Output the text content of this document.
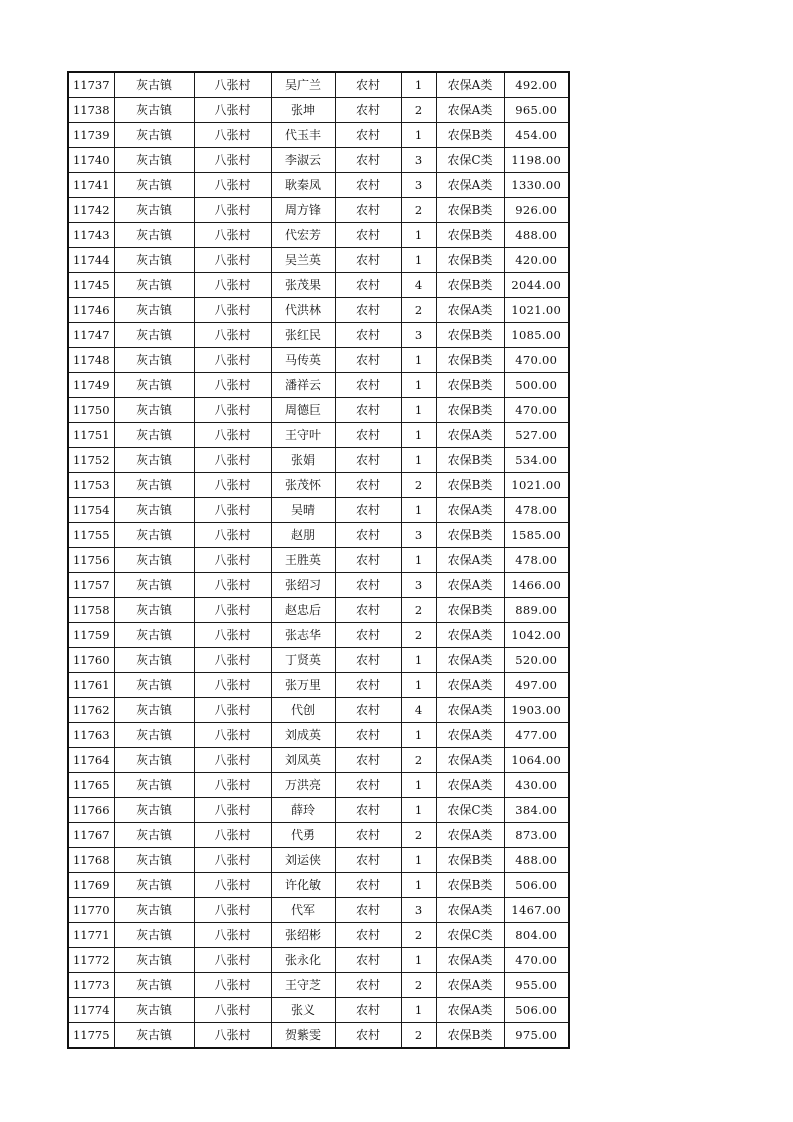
11737	灰古镇	八张村	吴广兰	农村	1	农保A类	492.00
11738	灰古镇	八张村	张坤	农村	2	农保A类	965.00
11739	灰古镇	八张村	代玉丰	农村	1	农保B类	454.00
11740	灰古镇	八张村	李淑云	农村	3	农保C类	1198.00
11741	灰古镇	八张村	耿秦凤	农村	3	农保A类	1330.00
11742	灰古镇	八张村	周方锋	农村	2	农保B类	926.00
11743	灰古镇	八张村	代宏芳	农村	1	农保B类	488.00
11744	灰古镇	八张村	吴兰英	农村	1	农保B类	420.00
11745	灰古镇	八张村	张茂果	农村	4	农保B类	2044.00
11746	灰古镇	八张村	代洪林	农村	2	农保A类	1021.00
11747	灰古镇	八张村	张红民	农村	3	农保B类	1085.00
11748	灰古镇	八张村	马传英	农村	1	农保B类	470.00
11749	灰古镇	八张村	潘祥云	农村	1	农保B类	500.00
11750	灰古镇	八张村	周德巨	农村	1	农保B类	470.00
11751	灰古镇	八张村	王守叶	农村	1	农保A类	527.00
11752	灰古镇	八张村	张娟	农村	1	农保B类	534.00
11753	灰古镇	八张村	张茂怀	农村	2	农保B类	1021.00
11754	灰古镇	八张村	吴晴	农村	1	农保A类	478.00
11755	灰古镇	八张村	赵朋	农村	3	农保B类	1585.00
11756	灰古镇	八张村	王胜英	农村	1	农保A类	478.00
11757	灰古镇	八张村	张绍习	农村	3	农保A类	1466.00
11758	灰古镇	八张村	赵忠后	农村	2	农保B类	889.00
11759	灰古镇	八张村	张志华	农村	2	农保A类	1042.00
11760	灰古镇	八张村	丁贤英	农村	1	农保A类	520.00
11761	灰古镇	八张村	张万里	农村	1	农保A类	497.00
11762	灰古镇	八张村	代创	农村	4	农保A类	1903.00
11763	灰古镇	八张村	刘成英	农村	1	农保A类	477.00
11764	灰古镇	八张村	刘凤英	农村	2	农保A类	1064.00
11765	灰古镇	八张村	万洪亮	农村	1	农保A类	430.00
11766	灰古镇	八张村	薛玲	农村	1	农保C类	384.00
11767	灰古镇	八张村	代勇	农村	2	农保A类	873.00
11768	灰古镇	八张村	刘运侠	农村	1	农保B类	488.00
11769	灰古镇	八张村	许化敏	农村	1	农保B类	506.00
11770	灰古镇	八张村	代军	农村	3	农保A类	1467.00
11771	灰古镇	八张村	张绍彬	农村	2	农保C类	804.00
11772	灰古镇	八张村	张永化	农村	1	农保A类	470.00
11773	灰古镇	八张村	王守芝	农村	2	农保A类	955.00
11774	灰古镇	八张村	张义	农村	1	农保A类	506.00
11775	灰古镇	八张村	贺紫雯	农村	2	农保B类	975.00
